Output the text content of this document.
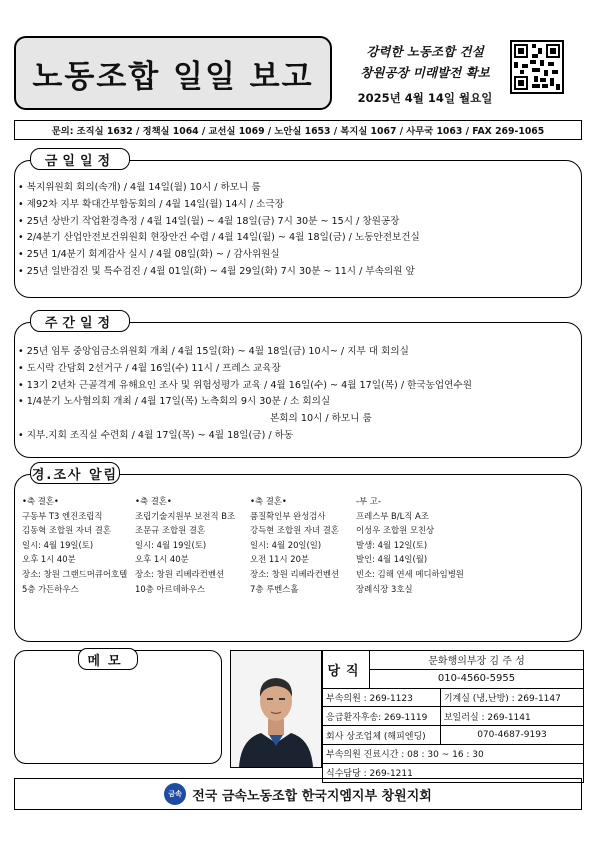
노동조합 일일 보고
강력한 노동조합 건설
창원공장 미래발전 확보
2025년 4월 14일 월요일
문의: 조직실 1632 / 정책실 1064 / 교선실 1069 / 노안실 1653 / 복지실 1067 / 사무국 1063 / FAX 269-1065
금일일정
• 복지위원회 회의(속개) / 4월 14일(월) 10시 / 하모니 룸
• 제92차 지부 확대간부합동회의 / 4월 14일(월) 14시 / 소극장
• 25년 상반기 작업환경측정 / 4월 14일(월) ~ 4월 18일(금) 7시 30분 ~ 15시 / 창원공장
• 2/4분기 산업안전보건위원회 현장안건 수렴 / 4월 14일(월) ~ 4월 18일(금) / 노동안전보건실
• 25년 1/4분기 회계감사 실시 / 4월 08일(화) ~ / 감사위원실
• 25년 일반검진 및 특수검진 / 4월 01일(화) ~ 4월 29일(화) 7시 30분 ~ 11시 / 부속의원 앞
주간일정
• 25년 임투 중앙임금소위원회 개최 / 4월 15일(화) ~ 4월 18일(금) 10시~ / 지부 대 회의실
• 도시락 간담회 2선거구 / 4월 16일(수) 11시 / 프레스 교육장
• 13기 2년차 근골격계 유해요인 조사 및 위험성평가 교육 / 4월 16일(수) ~ 4월 17일(목) / 한국농업연수원
• 1/4분기 노사협의회 개최 / 4월 17일(목) 노측회의 9시 30분 / 소 회의실
본회의 10시 / 하모니 룸
• 지부.지회 조직실 수련회 / 4월 17일(목) ~ 4월 18일(금) / 하동
경.조사 알림
•축 결혼•
구동부 T3 엔진조립직
김동혁 조합원 자녀 결혼
일시: 4월 19일(토)
오후 1시 40분
장소: 창원 그랜드머큐어호텔
5층 가든하우스
•축 결혼•
조립기술지원부 보전직 B조
조문규 조합원 결혼
일시: 4월 19일(토)
오후 1시 40분
장소: 창원 리베라컨벤션
10층 아르데하우스
•축 결혼•
품질확인부 완성검사
강득현 조합원 자녀 결혼
일시: 4월 20일(일)
오전 11시 20분
장소: 창원 리베라컨벤션
7층 루벤스홀
-부 고-
프레스부 B/L직 A조
이성우 조합원 모친상
발생: 4월 12일(토)
발인: 4월 14일(월)
빈소: 김해 연세 메디하임병원
장례식장 3호실
메모
당직	문화행의부장 김 주 성	
	010-4560-5955	
부속의원 : 269-1123		기계실 (냉,난방) : 269-1147
응급환자후송: 269-1119		보일러실 : 269-1141
회사 상조업체 (해피엔딩)		070-4687-9193
부속의원 진료시간 : 08 : 30 ~ 16 : 30		
식수담당 : 269-1211		
금속 전국 금속노동조합 한국지엠지부 창원지회
